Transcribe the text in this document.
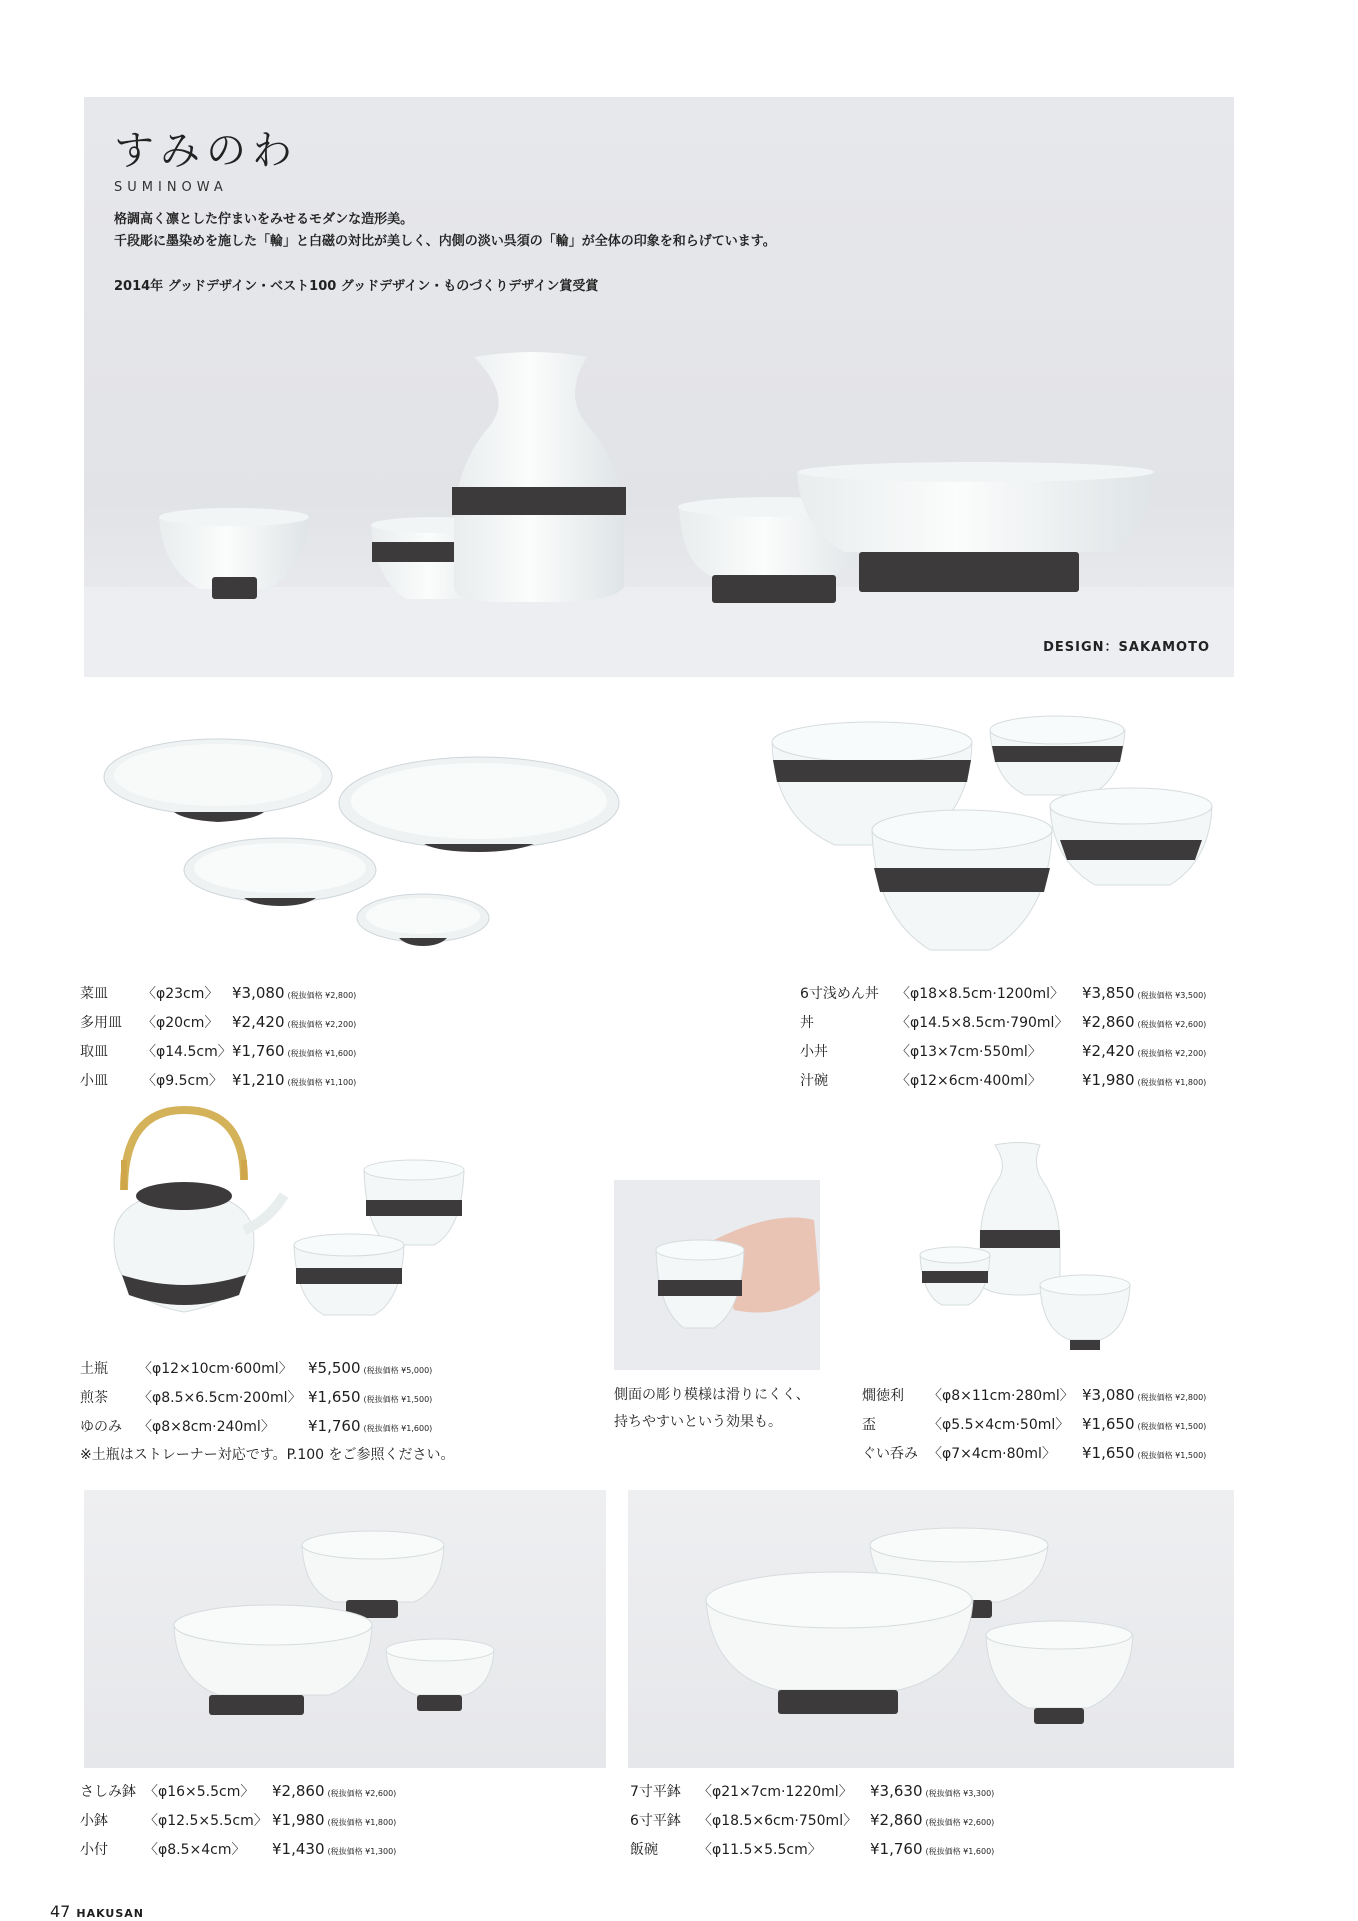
すみのわ
SUMINOWA
格調高く凛とした佇まいをみせるモダンな造形美。
千段彫に墨染めを施した「輪」と白磁の対比が美しく、内側の淡い呉須の「輪」が全体の印象を和らげています。
2014年 グッドデザイン・ベスト100 グッドデザイン・ものづくりデザイン賞受賞
DESIGN：SAKAMOTO
菜皿	〈φ23cm〉 ¥3,080 (税抜価格 ¥2,800)
多用皿	〈φ20cm〉 ¥2,420 (税抜価格 ¥2,200)
取皿	〈φ14.5cm〉 ¥1,760 (税抜価格 ¥1,600)
小皿	〈φ9.5cm〉 ¥1,210 (税抜価格 ¥1,100)
6寸浅めん丼	〈φ18×8.5cm·1200ml〉	¥3,850 (税抜価格 ¥3,500)
丼	〈φ14.5×8.5cm·790ml〉 ¥2,860 (税抜価格 ¥2,600)
小丼	〈φ13×7cm·550ml〉	¥2,420 (税抜価格 ¥2,200)
汁碗	〈φ12×6cm·400ml〉	¥1,980 (税抜価格 ¥1,800)
土瓶	〈φ12×10cm·600ml〉	¥5,500 (税抜価格 ¥5,000)
煎茶	〈φ8.5×6.5cm·200ml〉 ¥1,650 (税抜価格 ¥1,500)
ゆのみ	〈φ8×8cm·240ml〉	¥1,760 (税抜価格 ¥1,600)
※土瓶はストレーナー対応です。P.100 をご参照ください。
側面の彫り模様は滑りにくく、
持ちやすいという効果も。
燗徳利	〈φ8×11cm·280ml〉 ¥3,080 (税抜価格 ¥2,800)
盃	〈φ5.5×4cm·50ml〉 ¥1,650 (税抜価格 ¥1,500)
ぐい呑み 〈φ7×4cm·80ml〉	¥1,650 (税抜価格 ¥1,500)
さしみ鉢 〈φ16×5.5cm〉	¥2,860 (税抜価格 ¥2,600)
小鉢	〈φ12.5×5.5cm〉 ¥1,980 (税抜価格 ¥1,800)
小付	〈φ8.5×4cm〉	¥1,430 (税抜価格 ¥1,300)
7寸平鉢	〈φ21×7cm·1220ml〉	¥3,630 (税抜価格 ¥3,300)
6寸平鉢	〈φ18.5×6cm·750ml〉 ¥2,860 (税抜価格 ¥2,600)
飯碗	〈φ11.5×5.5cm〉	¥1,760 (税抜価格 ¥1,600)
47 HAKUSAN
